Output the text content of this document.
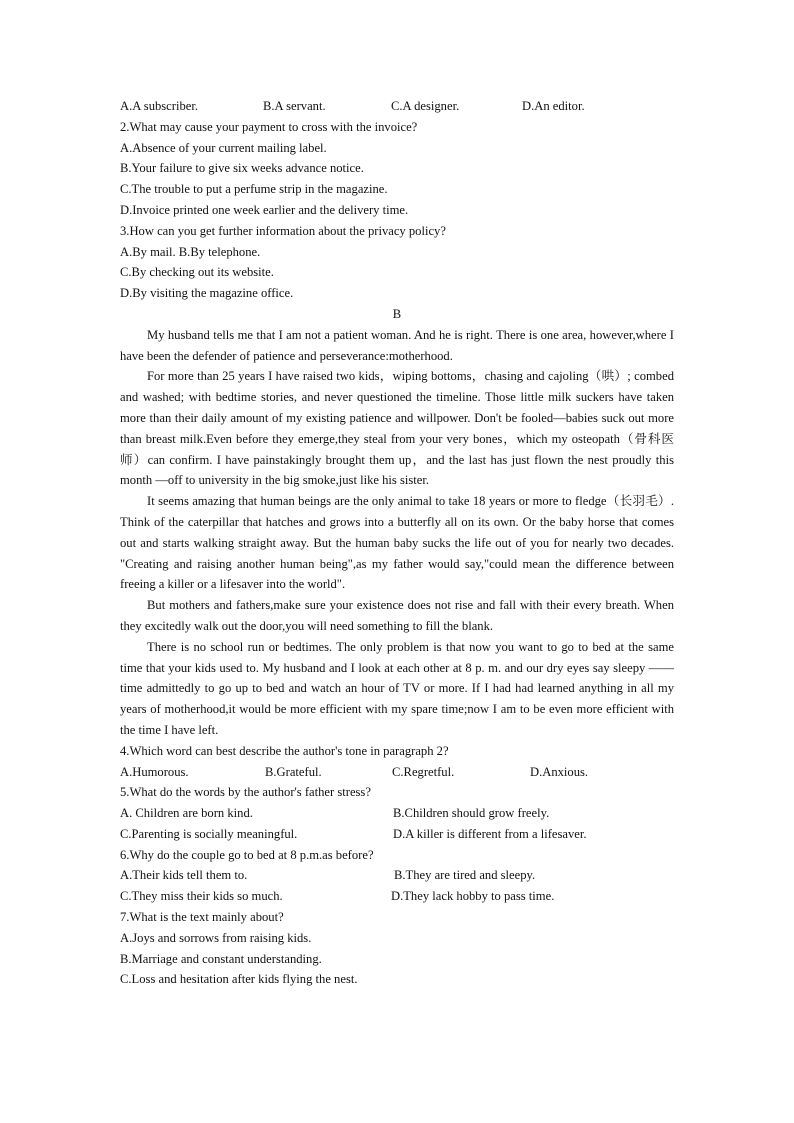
A.A subscriber.	B.A servant.	C.A designer.	D.An editor.

2.What may cause your payment to cross with the invoice?

A.Absence of your current mailing label.

B.Your failure to give six weeks advance notice.

C.The trouble to put a perfume strip in the magazine.

D.Invoice printed one week earlier and the delivery time.

3.How can you get further information about the privacy policy?

A.By mail. B.By telephone.

C.By checking out its website.

D.By visiting the magazine office.

B

My husband tells me that I am not a patient woman. And he is right. There is one area, however,where I have been the defender of patience and perseverance:motherhood.

For more than 25 years I have raised two kids，wiping bottoms，chasing and cajoling（哄）; combed and washed; with bedtime stories, and never questioned the timeline. Those little milk suckers have taken more than their daily amount of my existing patience and willpower. Don't be fooled—babies suck out more than breast milk.Even before they emerge,they steal from your very bones，which my osteopath（骨科医师）can confirm. I have painstakingly brought them up，and the last has just flown the nest proudly this month —off to university in the big smoke,just like his sister.

It seems amazing that human beings are the only animal to take 18 years or more to fledge（长羽毛）. Think of the caterpillar that hatches and grows into a butterfly all on its own. Or the baby horse that comes out and starts walking straight away. But the human baby sucks the life out of you for nearly two decades. "Creating and raising another human being",as my father would say,"could mean the difference between freeing a killer or a lifesaver into the world".

But mothers and fathers,make sure your existence does not rise and fall with their every breath. When they excitedly walk out the door,you will need something to fill the blank.

There is no school run or bedtimes. The only problem is that now you want to go to bed at the same time that your kids used to. My husband and I look at each other at 8 p. m. and our dry eyes say sleepy ——time admittedly to go up to bed and watch an hour of TV or more. If I had had learned anything in all my years of motherhood,it would be more efficient with my spare time;now I am to be even more efficient with the time I have left.

4.Which word can best describe the author's tone in paragraph 2?

A.Humorous.	B.Grateful.	C.Regretful.	D.Anxious.

5.What do the words by the author's father stress?

A. Children are born kind.	B.Children should grow freely.
C.Parenting is socially meaningful.	D.A killer is different from a lifesaver.

6.Why do the couple go to bed at 8 p.m.as before?

A.Their kids tell them to.	B.They are tired and sleepy.
C.They miss their kids so much.	D.They lack hobby to pass time.

7.What is the text mainly about?

A.Joys and sorrows from raising kids.

B.Marriage and constant understanding.

C.Loss and hesitation after kids flying the nest.
